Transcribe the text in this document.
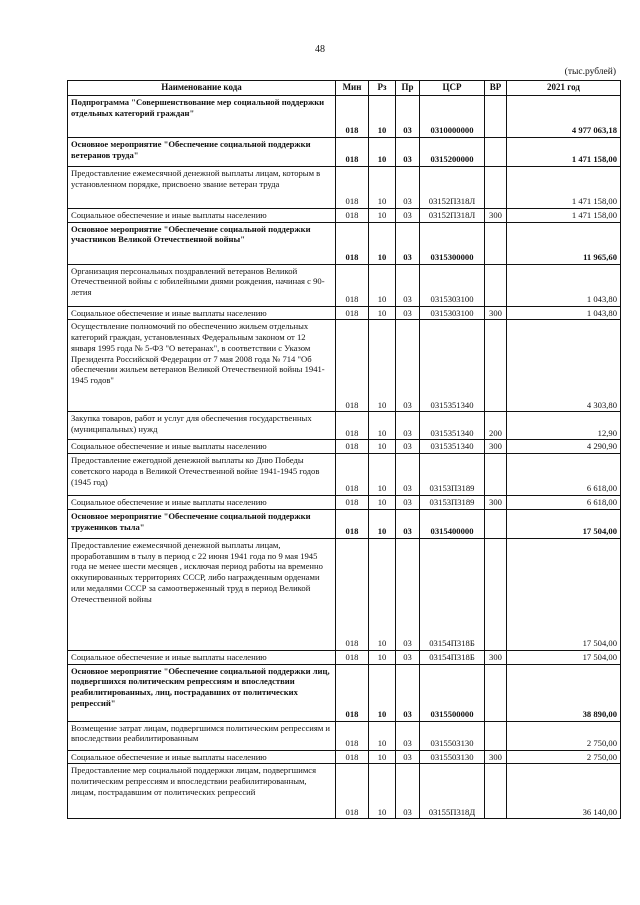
48
(тыс.рублей)
Наименование кода	Мин	Рз	Пр	ЦСР	ВР	2021 год
Подпрограмма "Совершенствование мер социальной поддержки отдельных категорий граждан"	018	10	03	0310000000		4 977 063,18
Основное мероприятие "Обеспечение социальной поддержки ветеранов труда"	018	10	03	0315200000		1 471 158,00
Предоставление ежемесячной денежной выплаты лицам, которым в установленном порядке, присвоено звание ветеран труда	018	10	03	03152П318Л		1 471 158,00
Социальное обеспечение и иные выплаты населению	018	10	03	03152П318Л	300	1 471 158,00
Основное мероприятие "Обеспечение социальной поддержки участников Великой Отечественной войны"	018	10	03	0315300000		11 965,60
Организация персональных поздравлений ветеранов Великой Отечественной войны с юбилейными днями рождения, начиная с 90-летия	018	10	03	0315303100		1 043,80
Социальное обеспечение и иные выплаты населению	018	10	03	0315303100	300	1 043,80
Осуществление полномочий по обеспечению жильем отдельных категорий граждан, установленных Федеральным законом от 12 января 1995 года № 5-ФЗ "О ветеранах", в соответствии с Указом Президента Российской Федерации от 7 мая 2008 года № 714 "Об обеспечении жильем ветеранов Великой Отечественной войны 1941-1945 годов"	018	10	03	0315351340		4 303,80
Закупка товаров, работ и услуг для обеспечения государственных (муниципальных) нужд	018	10	03	0315351340	200	12,90
Социальное обеспечение и иные выплаты населению	018	10	03	0315351340	300	4 290,90
Предоставление ежегодной денежной выплаты ко Дню Победы советского народа в Великой Отечественной войне 1941-1945 годов (1945 год)	018	10	03	03153П3189		6 618,00
Социальное обеспечение и иные выплаты населению	018	10	03	03153П3189	300	6 618,00
Основное мероприятие "Обеспечение социальной поддержки тружеников тыла"	018	10	03	0315400000		17 504,00
Предоставление ежемесячной денежной выплаты лицам, проработавшим в тылу в период с 22 июня 1941 года по 9 мая 1945 года не менее шести месяцев , исключая период работы на временно оккупированных территориях СССР, либо награжденным орденами или медалями СССР за самоотверженный труд в период Великой Отечественной войны	018	10	03	03154П318Б		17 504,00
Социальное обеспечение и иные выплаты населению	018	10	03	03154П318Б	300	17 504,00
Основное мероприятие "Обеспечение социальной поддержки лиц, подвергшихся политическим репрессиям и впоследствии реабилитированных, лиц, пострадавших от политических репрессий"	018	10	03	0315500000		38 890,00
Возмещение затрат лицам, подвергшимся политическим репрессиям и впоследствии реабилитированным	018	10	03	0315503130		2 750,00
Социальное обеспечение и иные выплаты населению	018	10	03	0315503130	300	2 750,00
Предоставление мер социальной поддержки лицам, подвергшимся политическим репрессиям и впоследствии реабилитированным, лицам, пострадавшим от политических репрессий	018	10	03	03155П318Д		36 140,00
